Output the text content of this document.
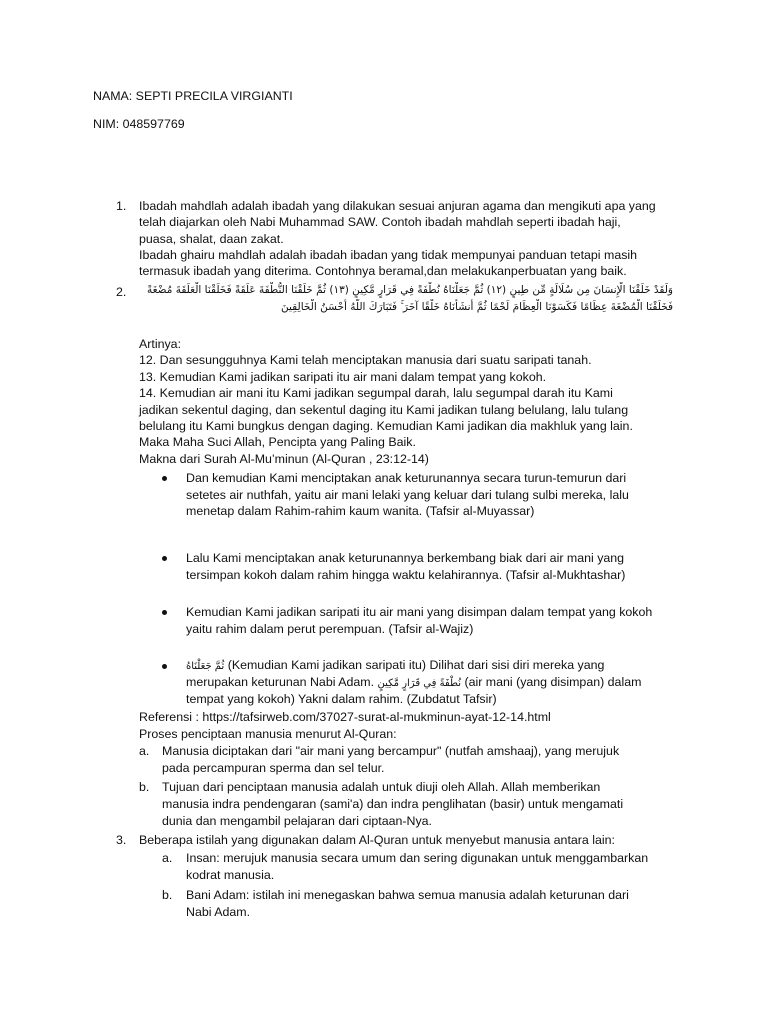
NAMA: SEPTI PRECILA VIRGIANTI
NIM: 048597769
1. Ibadah mahdlah adalah ibadah yang dilakukan sesuai anjuran agama dan mengikuti apa yang
telah diajarkan oleh Nabi Muhammad SAW. Contoh ibadah mahdlah seperti ibadah haji,
puasa, shalat, daan zakat.
Ibadah ghairu mahdlah adalah ibadah ibadan yang tidak mempunyai panduan tetapi masih
termasuk ibadah yang diterima. Contohnya beramal,dan melakukanperbuatan yang baik.
2.	وَلَقَدْ خَلَقْنَا الْإِنسَانَ مِن سُلَالَةٍ مِّن طِينٍ (١٢) ثُمَّ جَعَلْنَاهُ نُطْفَةً فِي قَرَارٍ مَّكِينٍ (١٣) ثُمَّ خَلَقْنَا النُّطْفَةَ عَلَقَةً فَخَلَقْنَا الْعَلَقَةَ مُضْغَةً
فَخَلَقْنَا الْمُضْغَةَ عِظَامًا فَكَسَوْنَا الْعِظَامَ لَحْمًا ثُمَّ أَنشَأْنَاهُ خَلْقًا آخَرَ ۚ فَتَبَارَكَ اللَّهُ أَحْسَنُ الْخَالِقِينَ
Artinya:
12. Dan sesungguhnya Kami telah menciptakan manusia dari suatu saripati tanah.
13. Kemudian Kami jadikan saripati itu air mani dalam tempat yang kokoh.
14. Kemudian air mani itu Kami jadikan segumpal darah, lalu segumpal darah itu Kami
jadikan sekentul daging, dan sekentul daging itu Kami jadikan tulang belulang, lalu tulang
belulang itu Kami bungkus dengan daging. Kemudian Kami jadikan dia makhluk yang lain.
Maka Maha Suci Allah, Pencipta yang Paling Baik.
Makna dari Surah Al-Mu’minun (Al-Quran , 23:12-14)
Dan kemudian Kami menciptakan anak keturunannya secara turun-temurun dari
setetes air nuthfah, yaitu air mani lelaki yang keluar dari tulang sulbi mereka, lalu
menetap dalam Rahim-rahim kaum wanita. (Tafsir al-Muyassar)
Lalu Kami menciptakan anak keturunannya berkembang biak dari air mani yang
tersimpan kokoh dalam rahim hingga waktu kelahirannya. (Tafsir al-Mukhtashar)
Kemudian Kami jadikan saripati itu air mani yang disimpan dalam tempat yang kokoh
yaitu rahim dalam perut perempuan. (Tafsir al-Wajiz)
ثُمَّ جَعَلْنَاهُ (Kemudian Kami jadikan saripati itu) Dilihat dari sisi diri mereka yang
merupakan keturunan Nabi Adam. نُطْفَةً فِي قَرَارٍ مَّكِينٍ (air mani (yang disimpan) dalam
tempat yang kokoh) Yakni dalam rahim. (Zubdatut Tafsir)
Referensi : https://tafsirweb.com/37027-surat-al-mukminun-ayat-12-14.html
Proses penciptaan manusia menurut Al-Quran:
a. Manusia diciptakan dari "air mani yang bercampur" (nutfah amshaaj), yang merujuk
pada percampuran sperma dan sel telur.
b. Tujuan dari penciptaan manusia adalah untuk diuji oleh Allah. Allah memberikan
manusia indra pendengaran (sami'a) dan indra penglihatan (basir) untuk mengamati
dunia dan mengambil pelajaran dari ciptaan-Nya.
3. Beberapa istilah yang digunakan dalam Al-Quran untuk menyebut manusia antara lain:
a. Insan: merujuk manusia secara umum dan sering digunakan untuk menggambarkan
kodrat manusia.
b. Bani Adam: istilah ini menegaskan bahwa semua manusia adalah keturunan dari
Nabi Adam.
